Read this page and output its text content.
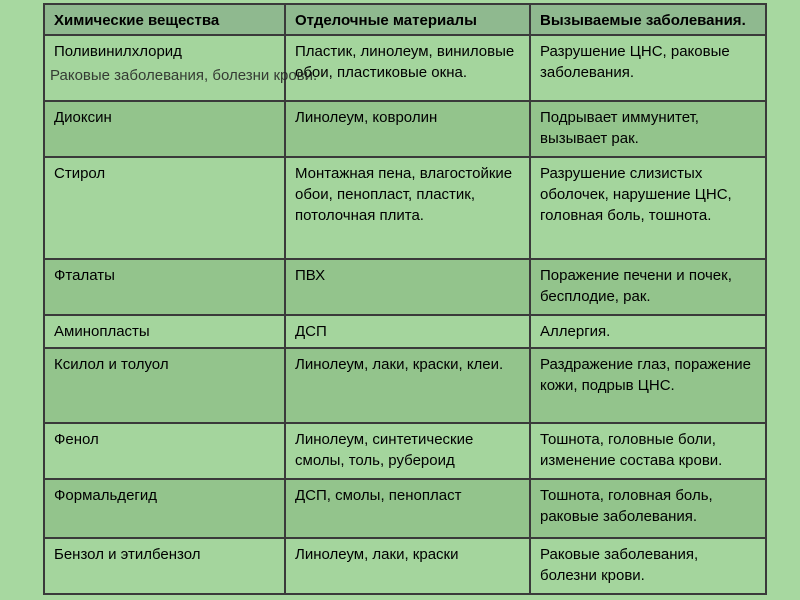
Химические вещества	Отделочные материалы	Вызываемые заболевания.
Поливинилхлорид	Пластик, линолеум, виниловые обои, пластиковые окна.	Разрушение ЦНС, раковые заболевания.
Диоксин	Линолеум, ковролин	Подрывает иммунитет, вызывает рак.
Стирол	Монтажная пена, влагостойкие обои, пенопласт, пластик, потолочная плита.	Разрушение слизистых оболочек, нарушение ЦНС, головная боль, тошнота.
Фталаты	ПВХ	Поражение печени и почек, бесплодие, рак.
Аминопласты	ДСП	Аллергия.
Ксилол и толуол	Линолеум, лаки, краски, клеи.	Раздражение глаз, поражение кожи, подрыв ЦНС.
Фенол	Линолеум, синтетические смолы, толь, рубероид	Тошнота, головные боли, изменение состава крови.
Формальдегид	ДСП, смолы, пенопласт	Тошнота, головная боль, раковые заболевания.
Бензол и этилбензол	Линолеум, лаки, краски	Раковые заболевания, болезни крови.
Раковые заболевания, болезни крови.
